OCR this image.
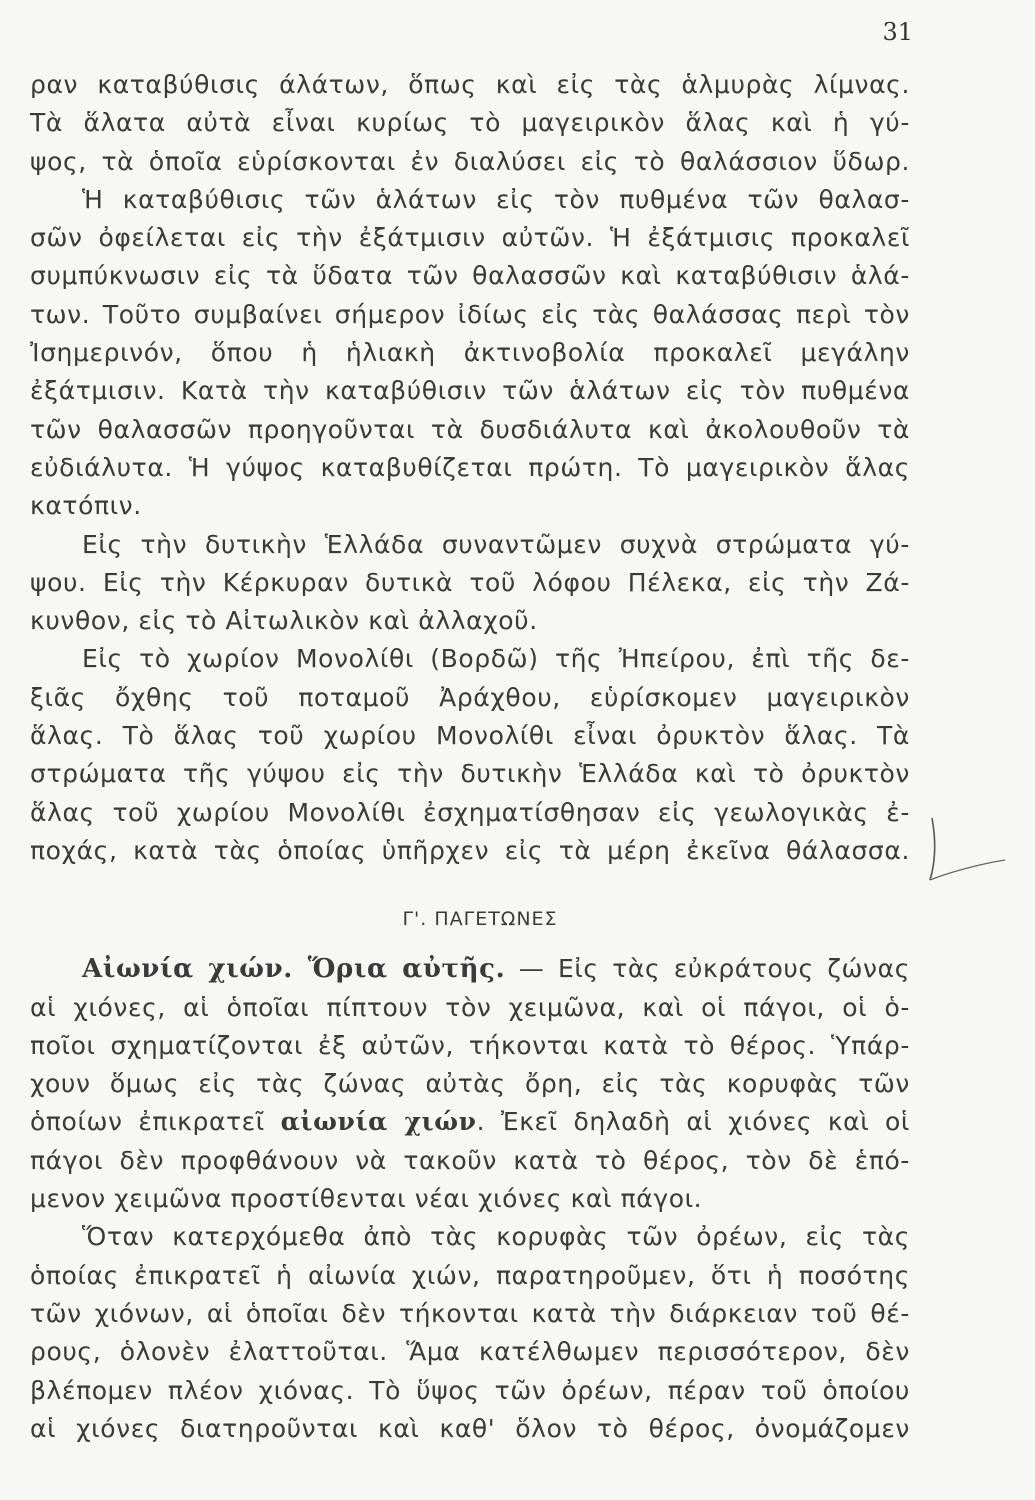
31
ραν καταβύθισις άλάτων, ὅπως καὶ εἰς τὰς ἁλμυρὰς λίμνας.
Τὰ ἅλατα αὐτὰ εἶναι κυρίως τὸ μαγειρικὸν ἅλας καὶ ἡ γύ-
ψος, τὰ ὁποῖα εὑρίσκονται ἐν διαλύσει εἰς τὸ θαλάσσιον ὕδωρ.
Ἡ καταβύθισις τῶν ἁλάτων εἰς τὸν πυθμένα τῶν θαλασ-
σῶν ὀφείλεται εἰς τὴν ἐξάτμισιν αὐτῶν. Ἡ ἐξάτμισις προκαλεῖ
συμπύκνωσιν εἰς τὰ ὕδατα τῶν θαλασσῶν καὶ καταβύθισιν ἁλά-
των. Τοῦτο συμβαίνει σήμερον ἰδίως εἰς τὰς θαλάσσας περὶ τὸν
Ἰσημερινόν, ὅπου ἡ ἡλιακὴ ἀκτινοβολία προκαλεῖ μεγάλην
ἐξάτμισιν. Κατὰ τὴν καταβύθισιν τῶν ἁλάτων εἰς τὸν πυθμένα
τῶν θαλασσῶν προηγοῦνται τὰ δυσδιάλυτα καὶ ἀκολουθοῦν τὰ
εὐδιάλυτα. Ἡ γύψος καταβυθίζεται πρώτη. Τὸ μαγειρικὸν ἅλας
κατόπιν.
Εἰς τὴν δυτικὴν Ἑλλάδα συναντῶμεν συχνὰ στρώματα γύ-
ψου. Εἰς τὴν Κέρκυραν δυτικὰ τοῦ λόφου Πέλεκα, εἰς τὴν Ζά-
κυνθον, εἰς τὸ Αἰτωλικὸν καὶ ἀλλαχοῦ.
Εἰς τὸ χωρίον Μονολίθι (Βορδῶ) τῆς Ἠπείρου, ἐπὶ τῆς δε-
ξιᾶς ὄχθης τοῦ ποταμοῦ Ἀράχθου, εὑρίσκομεν μαγειρικὸν
ἅλας. Τὸ ἅλας τοῦ χωρίου Μονολίθι εἶναι ὀρυκτὸν ἅλας. Τὰ
στρώματα τῆς γύψου εἰς τὴν δυτικὴν Ἑλλάδα καὶ τὸ ὀρυκτὸν
ἅλας τοῦ χωρίου Μονολίθι ἐσχηματίσθησαν εἰς γεωλογικὰς ἐ-
ποχάς, κατὰ τὰς ὁποίας ὑπῆρχεν εἰς τὰ μέρη ἐκεῖνα θάλασσα.
Γ'. ΠΑΓΕΤΩΝΕΣ
Αἰωνία χιών. Ὅρια αὐτῆς. — Εἰς τὰς εὐκράτους ζώνας
αἱ χιόνες, αἱ ὁποῖαι πίπτουν τὸν χειμῶνα, καὶ οἱ πάγοι, οἱ ὁ-
ποῖοι σχηματίζονται ἐξ αὐτῶν, τήκονται κατὰ τὸ θέρος. Ὑπάρ-
χουν ὅμως εἰς τὰς ζώνας αὐτὰς ὄρη, εἰς τὰς κορυφὰς τῶν
ὁποίων ἐπικρατεῖ αἰωνία χιών. Ἐκεῖ δηλαδὴ αἱ χιόνες καὶ οἱ
πάγοι δὲν προφθάνουν νὰ τακοῦν κατὰ τὸ θέρος, τὸν δὲ ἑπό-
μενον χειμῶνα προστίθενται νέαι χιόνες καὶ πάγοι.
Ὅταν κατερχόμεθα ἀπὸ τὰς κορυφὰς τῶν ὀρέων, εἰς τὰς
ὁποίας ἐπικρατεῖ ἡ αἰωνία χιών, παρατηροῦμεν, ὅτι ἡ ποσότης
τῶν χιόνων, αἱ ὁποῖαι δὲν τήκονται κατὰ τὴν διάρκειαν τοῦ θέ-
ρους, ὁλονὲν ἐλαττοῦται. Ἅμα κατέλθωμεν περισσότερον, δὲν
βλέπομεν πλέον χιόνας. Τὸ ὕψος τῶν ὀρέων, πέραν τοῦ ὁποίου
αἱ χιόνες διατηροῦνται καὶ καθ' ὅλον τὸ θέρος, ὀνομάζομεν
